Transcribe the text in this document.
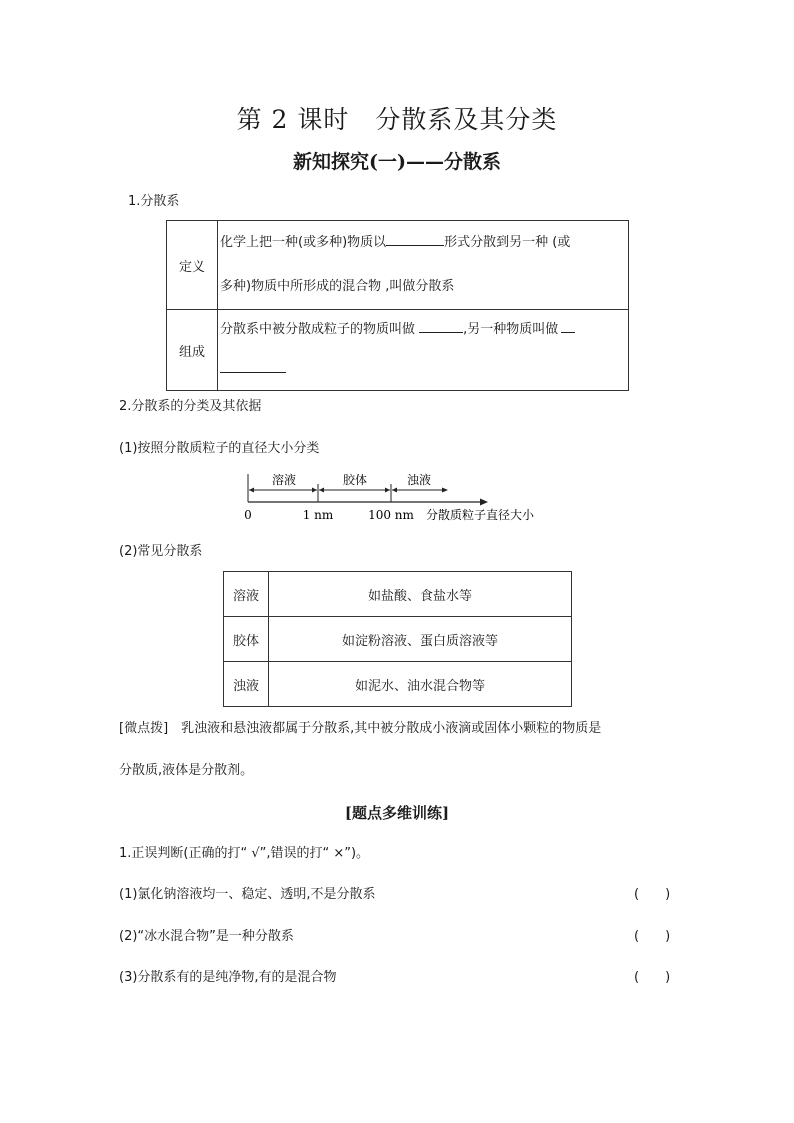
第 2 课时　分散系及其分类
新知探究(一)——分散系
1.分散系
定义	化学上把一种(或多种)物质以 形式分散到另一种 (或
多种)物质中所形成的混合物 ,叫做分散系

组成	分散系中被分散成粒子的物质叫做 ,另一种物质叫做
2.分散系的分类及其依据
(1)按照分散质粒子的直径大小分类
溶液	胶体	浊液
0	1 nm	100 nm 分散质粒子直径大小
(2)常见分散系
溶液	如盐酸、食盐水等
胶体	如淀粉溶液、蛋白质溶液等
浊液	如泥水、油水混合物等
[微点拨]　乳浊液和悬浊液都属于分散系,其中被分散成小液滴或固体小颗粒的物质是
分散质,液体是分散剂。
[题点多维训练]
1.正误判断(正确的打“ √”,错误的打“ ×”)。
(1)氯化钠溶液均一、稳定、透明,不是分散系	(　　)
(2)“冰水混合物”是一种分散系	(　　)
(3)分散系有的是纯净物,有的是混合物	(　　)
